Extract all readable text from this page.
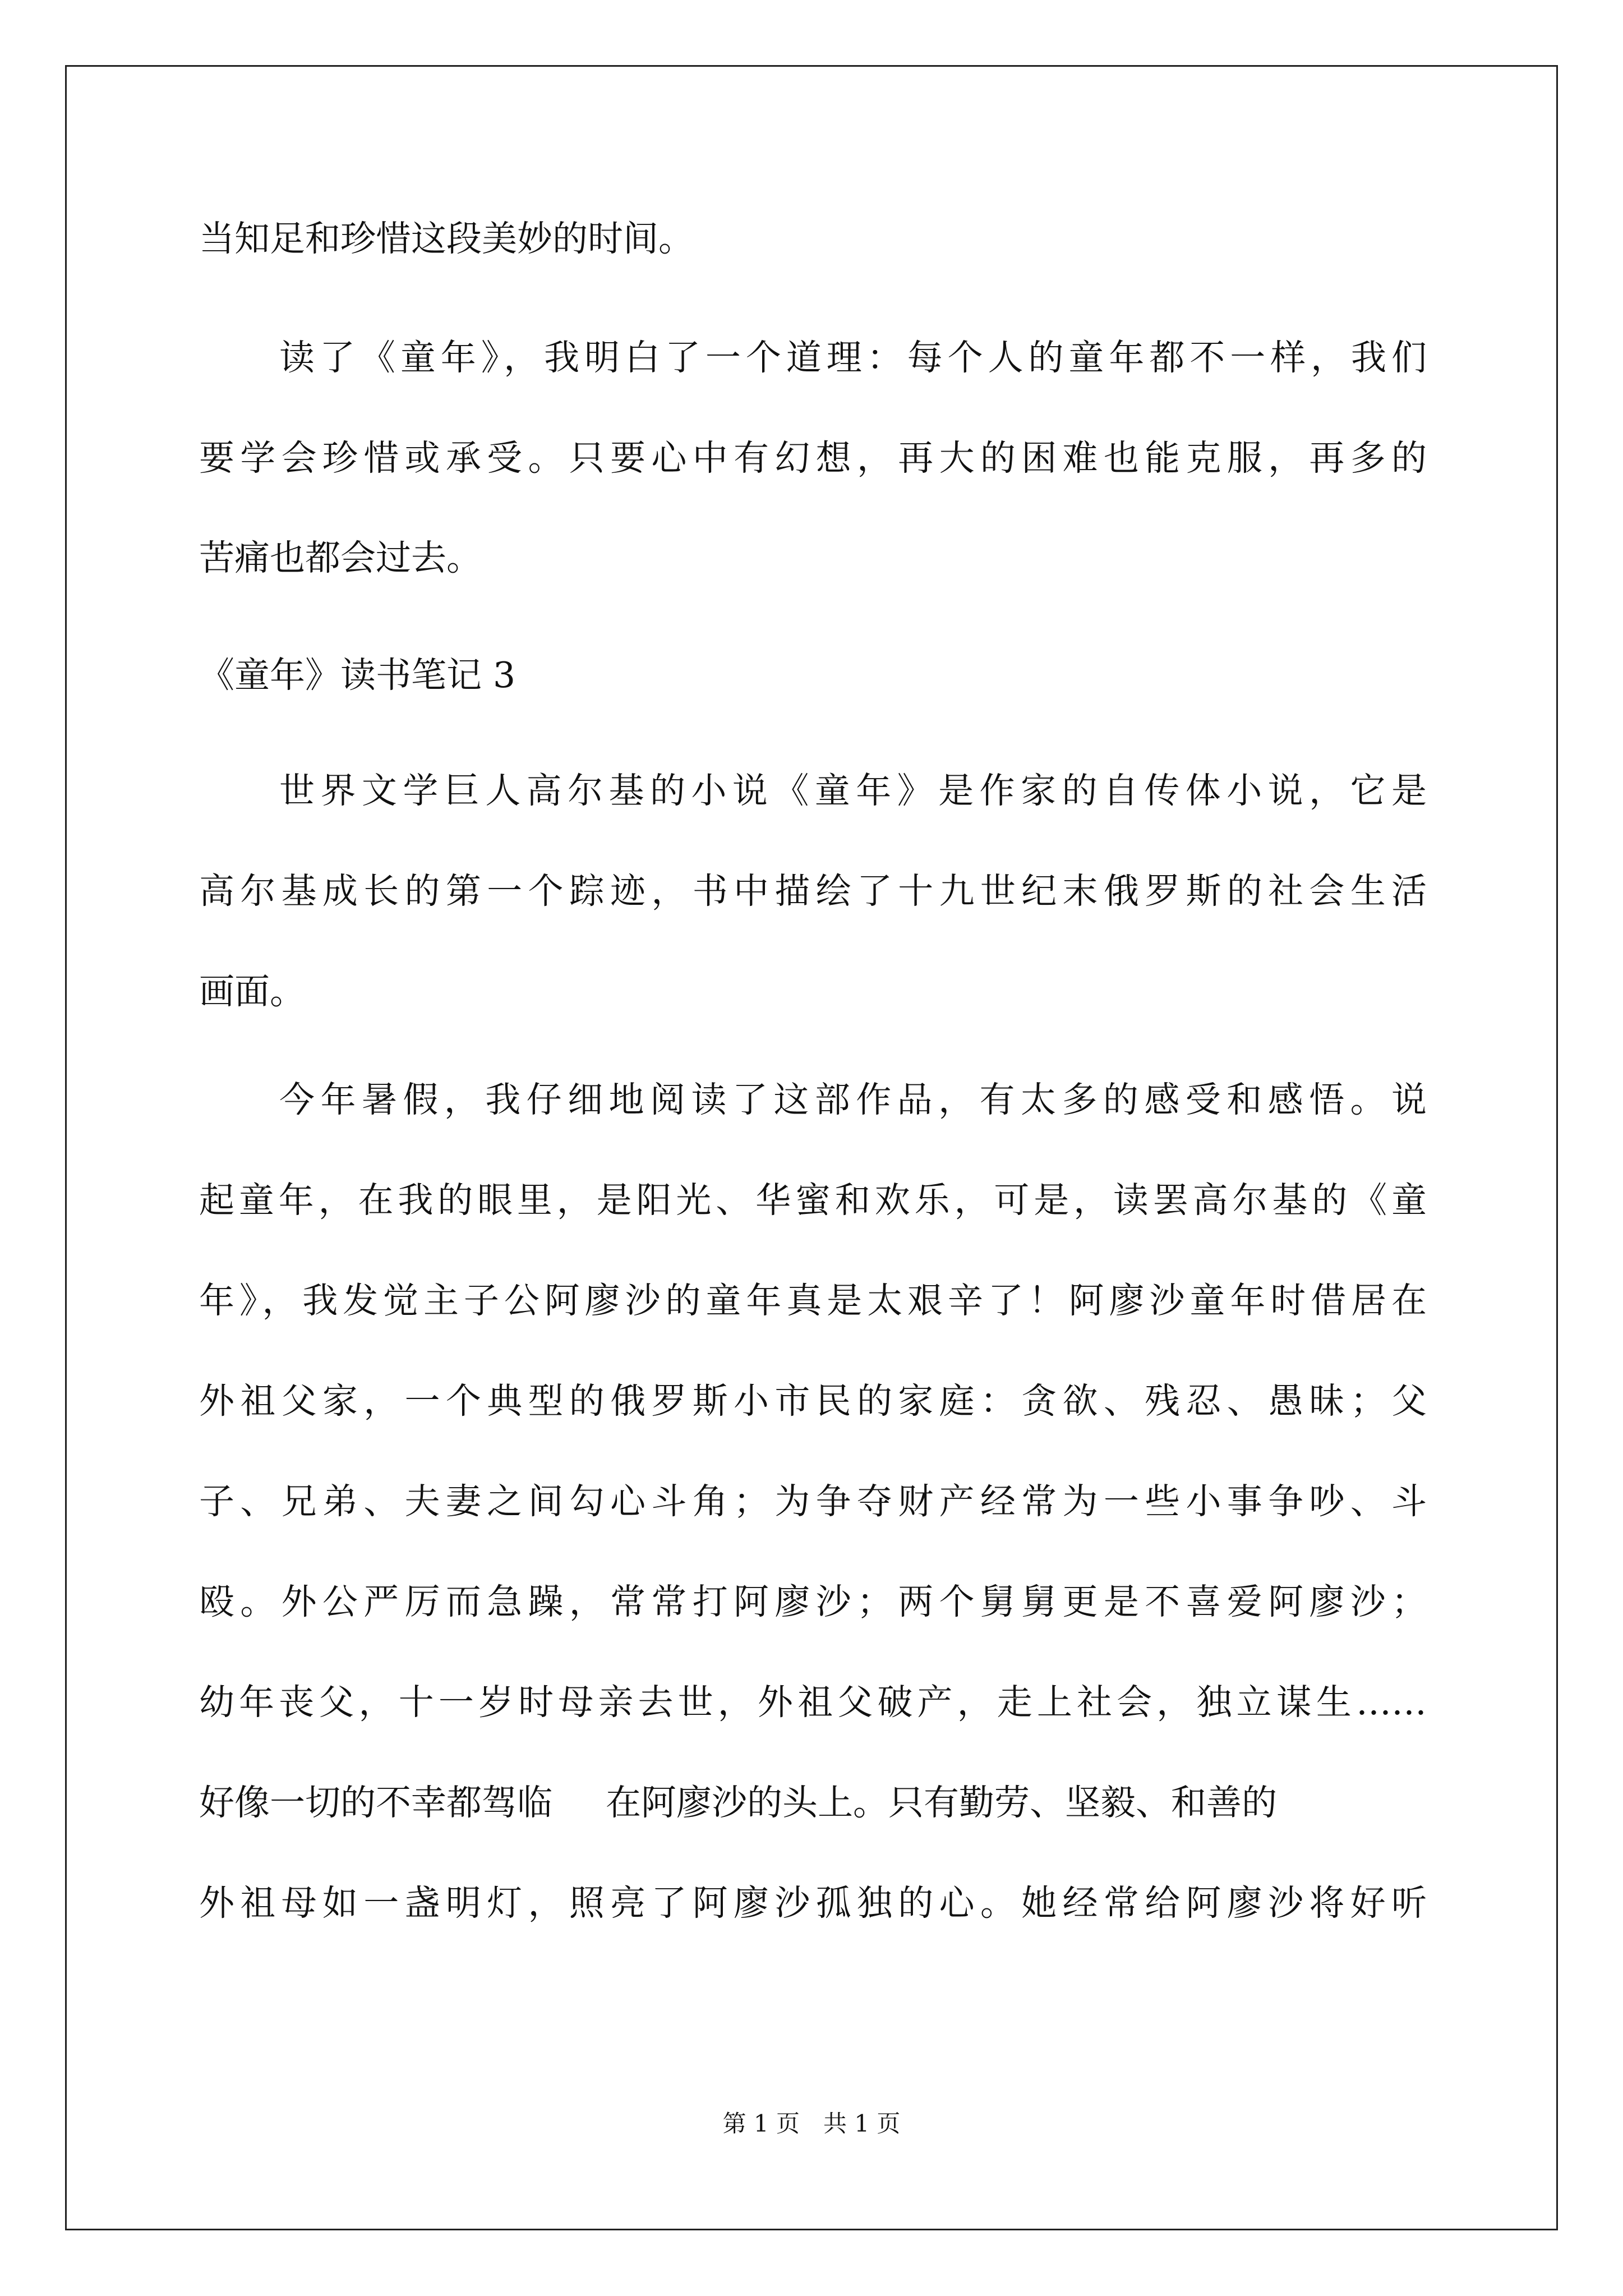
当知足和珍惜这段美妙的时间。
读了《童年》，我明白了一个道理：每个人的童年都不一样，我们
要学会珍惜或承受。只要心中有幻想，再大的困难也能克服，再多的
苦痛也都会过去。
《童年》读书笔记 3
世界文学巨人高尔基的小说《童年》是作家的自传体小说，它是
高尔基成长的第一个踪迹，书中描绘了十九世纪末俄罗斯的社会生活
画面。
今年暑假，我仔细地阅读了这部作品，有太多的感受和感悟。说
起童年，在我的眼里，是阳光、华蜜和欢乐，可是，读罢高尔基的《童
年》，我发觉主子公阿廖沙的童年真是太艰辛了！阿廖沙童年时借居在
外祖父家，一个典型的俄罗斯小市民的家庭：贪欲、残忍、愚昧；父
子、兄弟、夫妻之间勾心斗角；为争夺财产经常为一些小事争吵、斗
殴。外公严厉而急躁，常常打阿廖沙；两个舅舅更是不喜爱阿廖沙；
幼年丧父，十一岁时母亲去世，外祖父破产，走上社会，独立谋生……
好像一切的不幸都驾临 在阿廖沙的头上。只有勤劳、坚毅、和善的
外祖母如一盏明灯，照亮了阿廖沙孤独的心。她经常给阿廖沙将好听
第 1 页　共 1 页
